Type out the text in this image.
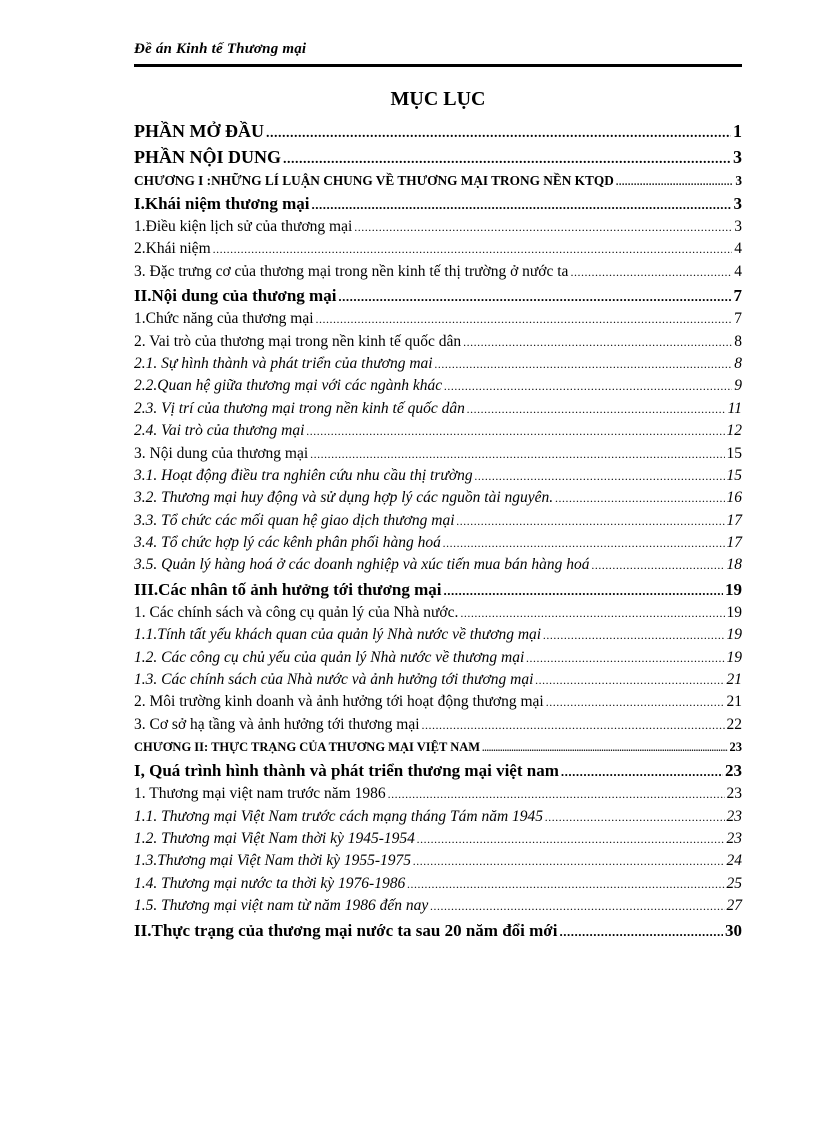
Đề án Kinh tế Thương mại
MỤC LỤC
PHẦN MỞ ĐẦU .....	1
PHẦN NỘI DUNG .....	3
CHƯƠNG I :NHỮNG LÍ LUẬN CHUNG VỀ THƯƠNG MẠI TRONG NỀN KTQD .....	3
I.Khái niệm thương mại .....	3
1.Điều kiện lịch sử của thương mại .....	3
2.Khái niệm .....	4
3. Đặc trưng cơ của thương mại trong nền kinh tế thị trường ở nước ta .....	4
II.Nội dung của thương mại .....	7
1.Chức năng của thương mại .....	7
2. Vai trò của thương mại trong nền kinh tế quốc dân .....	8
2.1. Sự hình thành và phát triển của thương mai .....	8
2.2.Quan hệ giữa thương mại với các ngành khác .....	9
2.3. Vị trí của thương mại trong nền kinh tế quốc dân .....	11
2.4. Vai trò của thương mại .....	12
3. Nội dung của thương mại .....	15
3.1. Hoạt động điều tra nghiên cứu nhu cầu thị trường .....	15
3.2. Thương mại huy động và sử dụng hợp lý các nguồn tài nguyên. .....	16
3.3. Tổ chức các mối quan hệ giao dịch thương mại .....	17
3.4. Tổ chức hợp lý các kênh phân phối hàng hoá .....	17
3.5. Quản lý hàng hoá ở các doanh nghiệp và xúc tiến mua bán hàng hoá .....	18
III.Các nhân tố ảnh hưởng tới thương mại .....	19
1. Các chính sách và công cụ quản lý của Nhà nước. .....	19
1.1.Tính tất yếu khách quan của quản lý Nhà nước về thương mại .....	19
1.2. Các công cụ chủ yếu của quản lý Nhà nước về thương mại .....	19
1.3. Các chính sách của Nhà nước và ảnh hưởng tới thương mại .....	21
2. Môi trường kinh doanh và ảnh hưởng tới hoạt động thương mại .....	21
3. Cơ sở hạ tầng và ảnh hưởng tới thương mại .....	22
CHƯƠNG II: THỰC TRẠNG CỦA THƯƠNG MẠI VIỆT NAM .....	23
I, Quá trình hình thành và phát triển thương mại việt nam .....	23
1. Thương mại việt nam trước năm 1986 .....	23
1.1. Thương mại Việt Nam trước cách mạng tháng Tám năm 1945 .....	23
1.2. Thương mại Việt Nam thời kỳ 1945-1954 .....	23
1.3.Thương mại Việt Nam thời kỳ 1955-1975 .....	24
1.4. Thương mại nước ta thời kỳ 1976-1986 .....	25
1.5. Thương mại việt nam từ năm 1986 đến nay .....	27
II.Thực trạng của thương mại nước ta sau 20 năm đổi mới .....	30
